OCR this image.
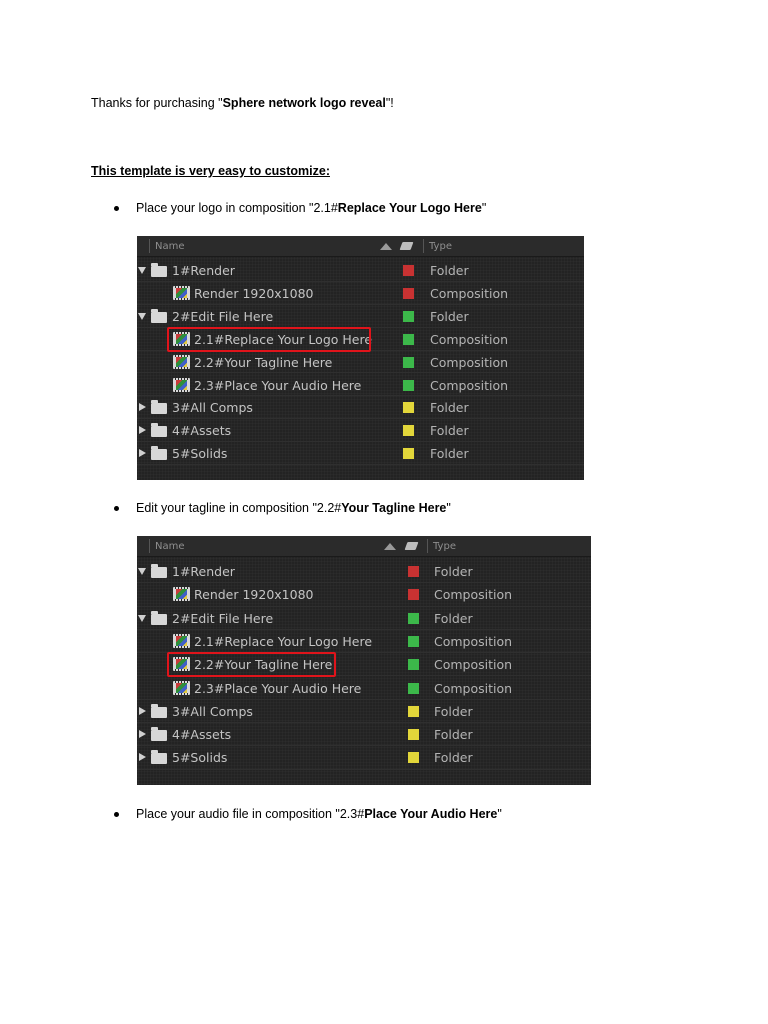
Thanks for purchasing "Sphere network logo reveal"!
This template is very easy to customize:
Place your logo in composition "2.1#Replace Your Logo Here"
Name	Type
1#Render	Folder
Render 1920x1080	Composition
2#Edit File Here	Folder
2.1#Replace Your Logo Here	Composition
2.2#Your Tagline Here	Composition
2.3#Place Your Audio Here	Composition
3#All Comps	Folder
4#Assets	Folder
5#Solids	Folder
Edit your tagline in composition "2.2#Your Tagline Here"
Name	Type
1#Render	Folder
Render 1920x1080	Composition
2#Edit File Here	Folder
2.1#Replace Your Logo Here	Composition
2.2#Your Tagline Here	Composition
2.3#Place Your Audio Here	Composition
3#All Comps	Folder
4#Assets	Folder
5#Solids	Folder
Place your audio file in composition "2.3#Place Your Audio Here"
